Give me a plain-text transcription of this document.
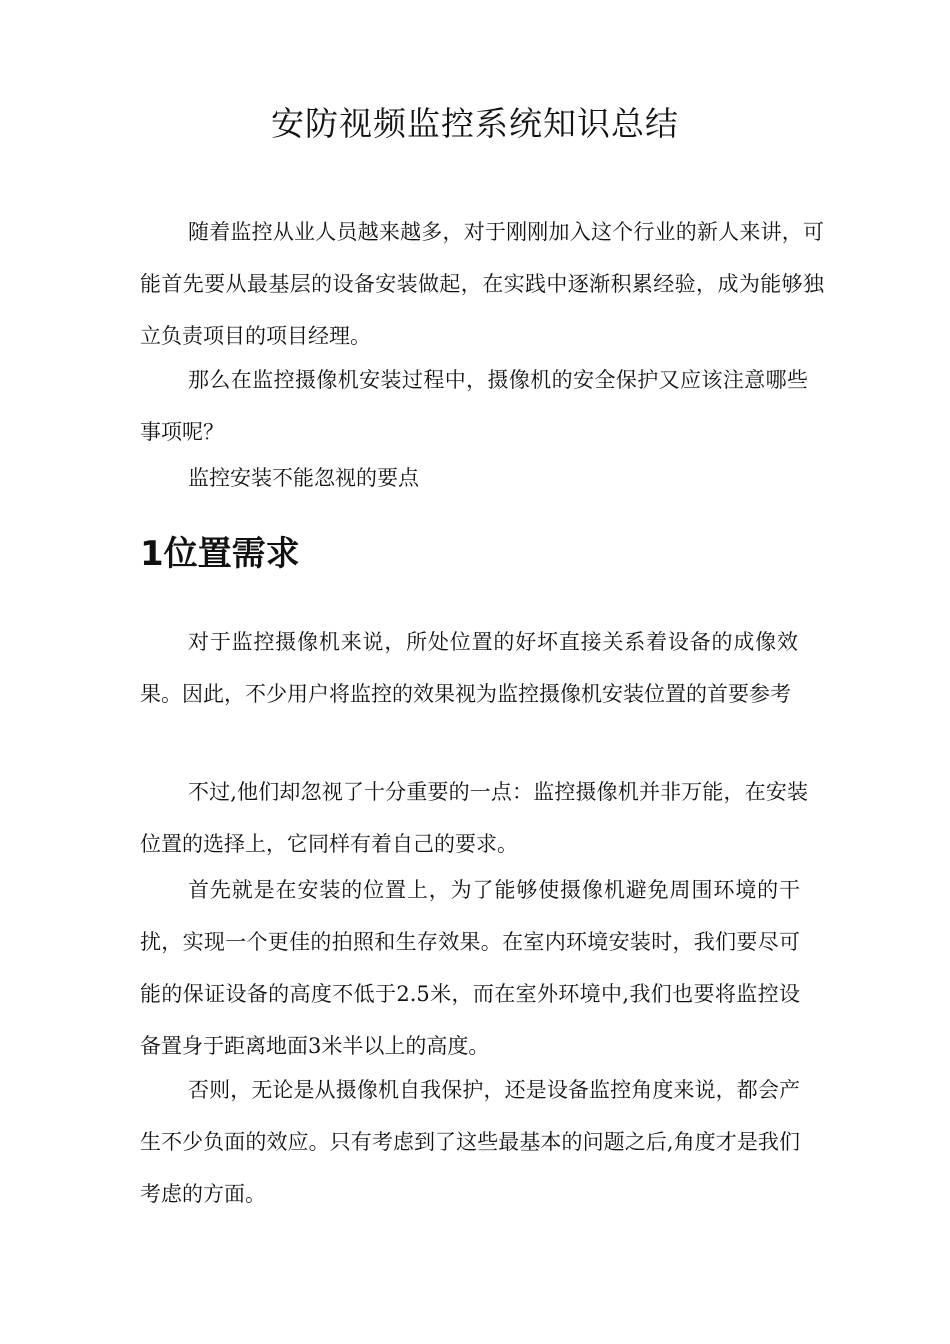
安防视频监控系统知识总结

随着监控从业人员越来越多，对于刚刚加入这个行业的新人来讲，可能首先要从最基层的设备安装做起，在实践中逐渐积累经验，成为能够独立负责项目的项目经理。

那么在监控摄像机安装过程中，摄像机的安全保护又应该注意哪些事项呢？

监控安装不能忽视的要点

1位置需求

对于监控摄像机来说，所处位置的好坏直接关系着设备的成像效果。因此，不少用户将监控的效果视为监控摄像机安装位置的首要参考

不过,他们却忽视了十分重要的一点：监控摄像机并非万能，在安装位置的选择上，它同样有着自己的要求。

首先就是在安装的位置上，为了能够使摄像机避免周围环境的干扰，实现一个更佳的拍照和生存效果。在室内环境安装时，我们要尽可能的保证设备的高度不低于2.5米，而在室外环境中,我们也要将监控设备置身于距离地面3米半以上的高度。

否则，无论是从摄像机自我保护，还是设备监控角度来说，都会产生不少负面的效应。只有考虑到了这些最基本的问题之后,角度才是我们考虑的方面。
